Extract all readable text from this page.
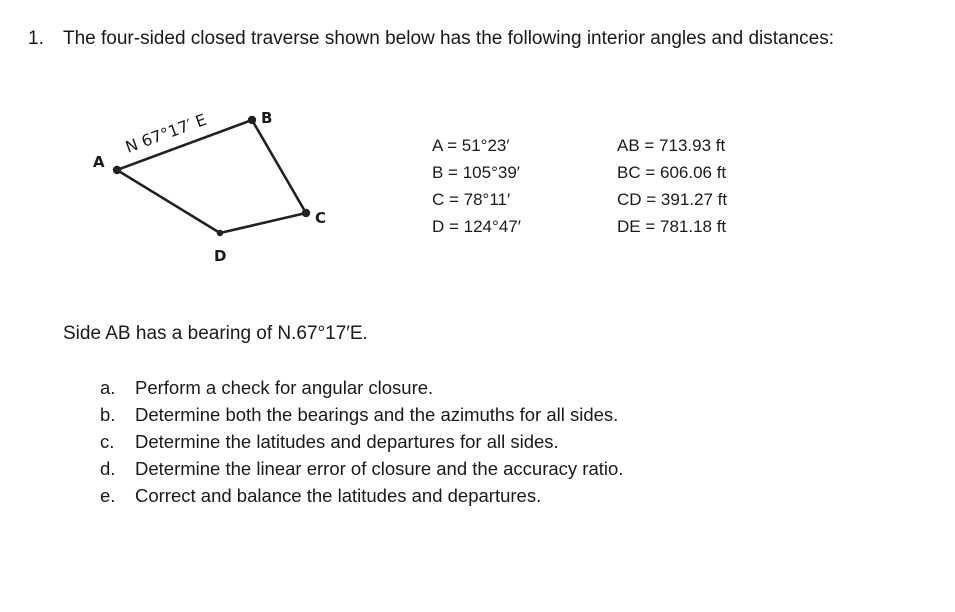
1. The four-sided closed traverse shown below has the following interior angles and distances:
N 67°17′ E
A
B
C
D
A = 51°23′
B = 105°39′
C = 78°11′
D = 124°47′
AB = 713.93 ft
BC = 606.06 ft
CD = 391.27 ft
DE = 781.18 ft
Side AB has a bearing of N.67°17′E.
a. Perform a check for angular closure.
b. Determine both the bearings and the azimuths for all sides.
c. Determine the latitudes and departures for all sides.
d. Determine the linear error of closure and the accuracy ratio.
e. Correct and balance the latitudes and departures.
